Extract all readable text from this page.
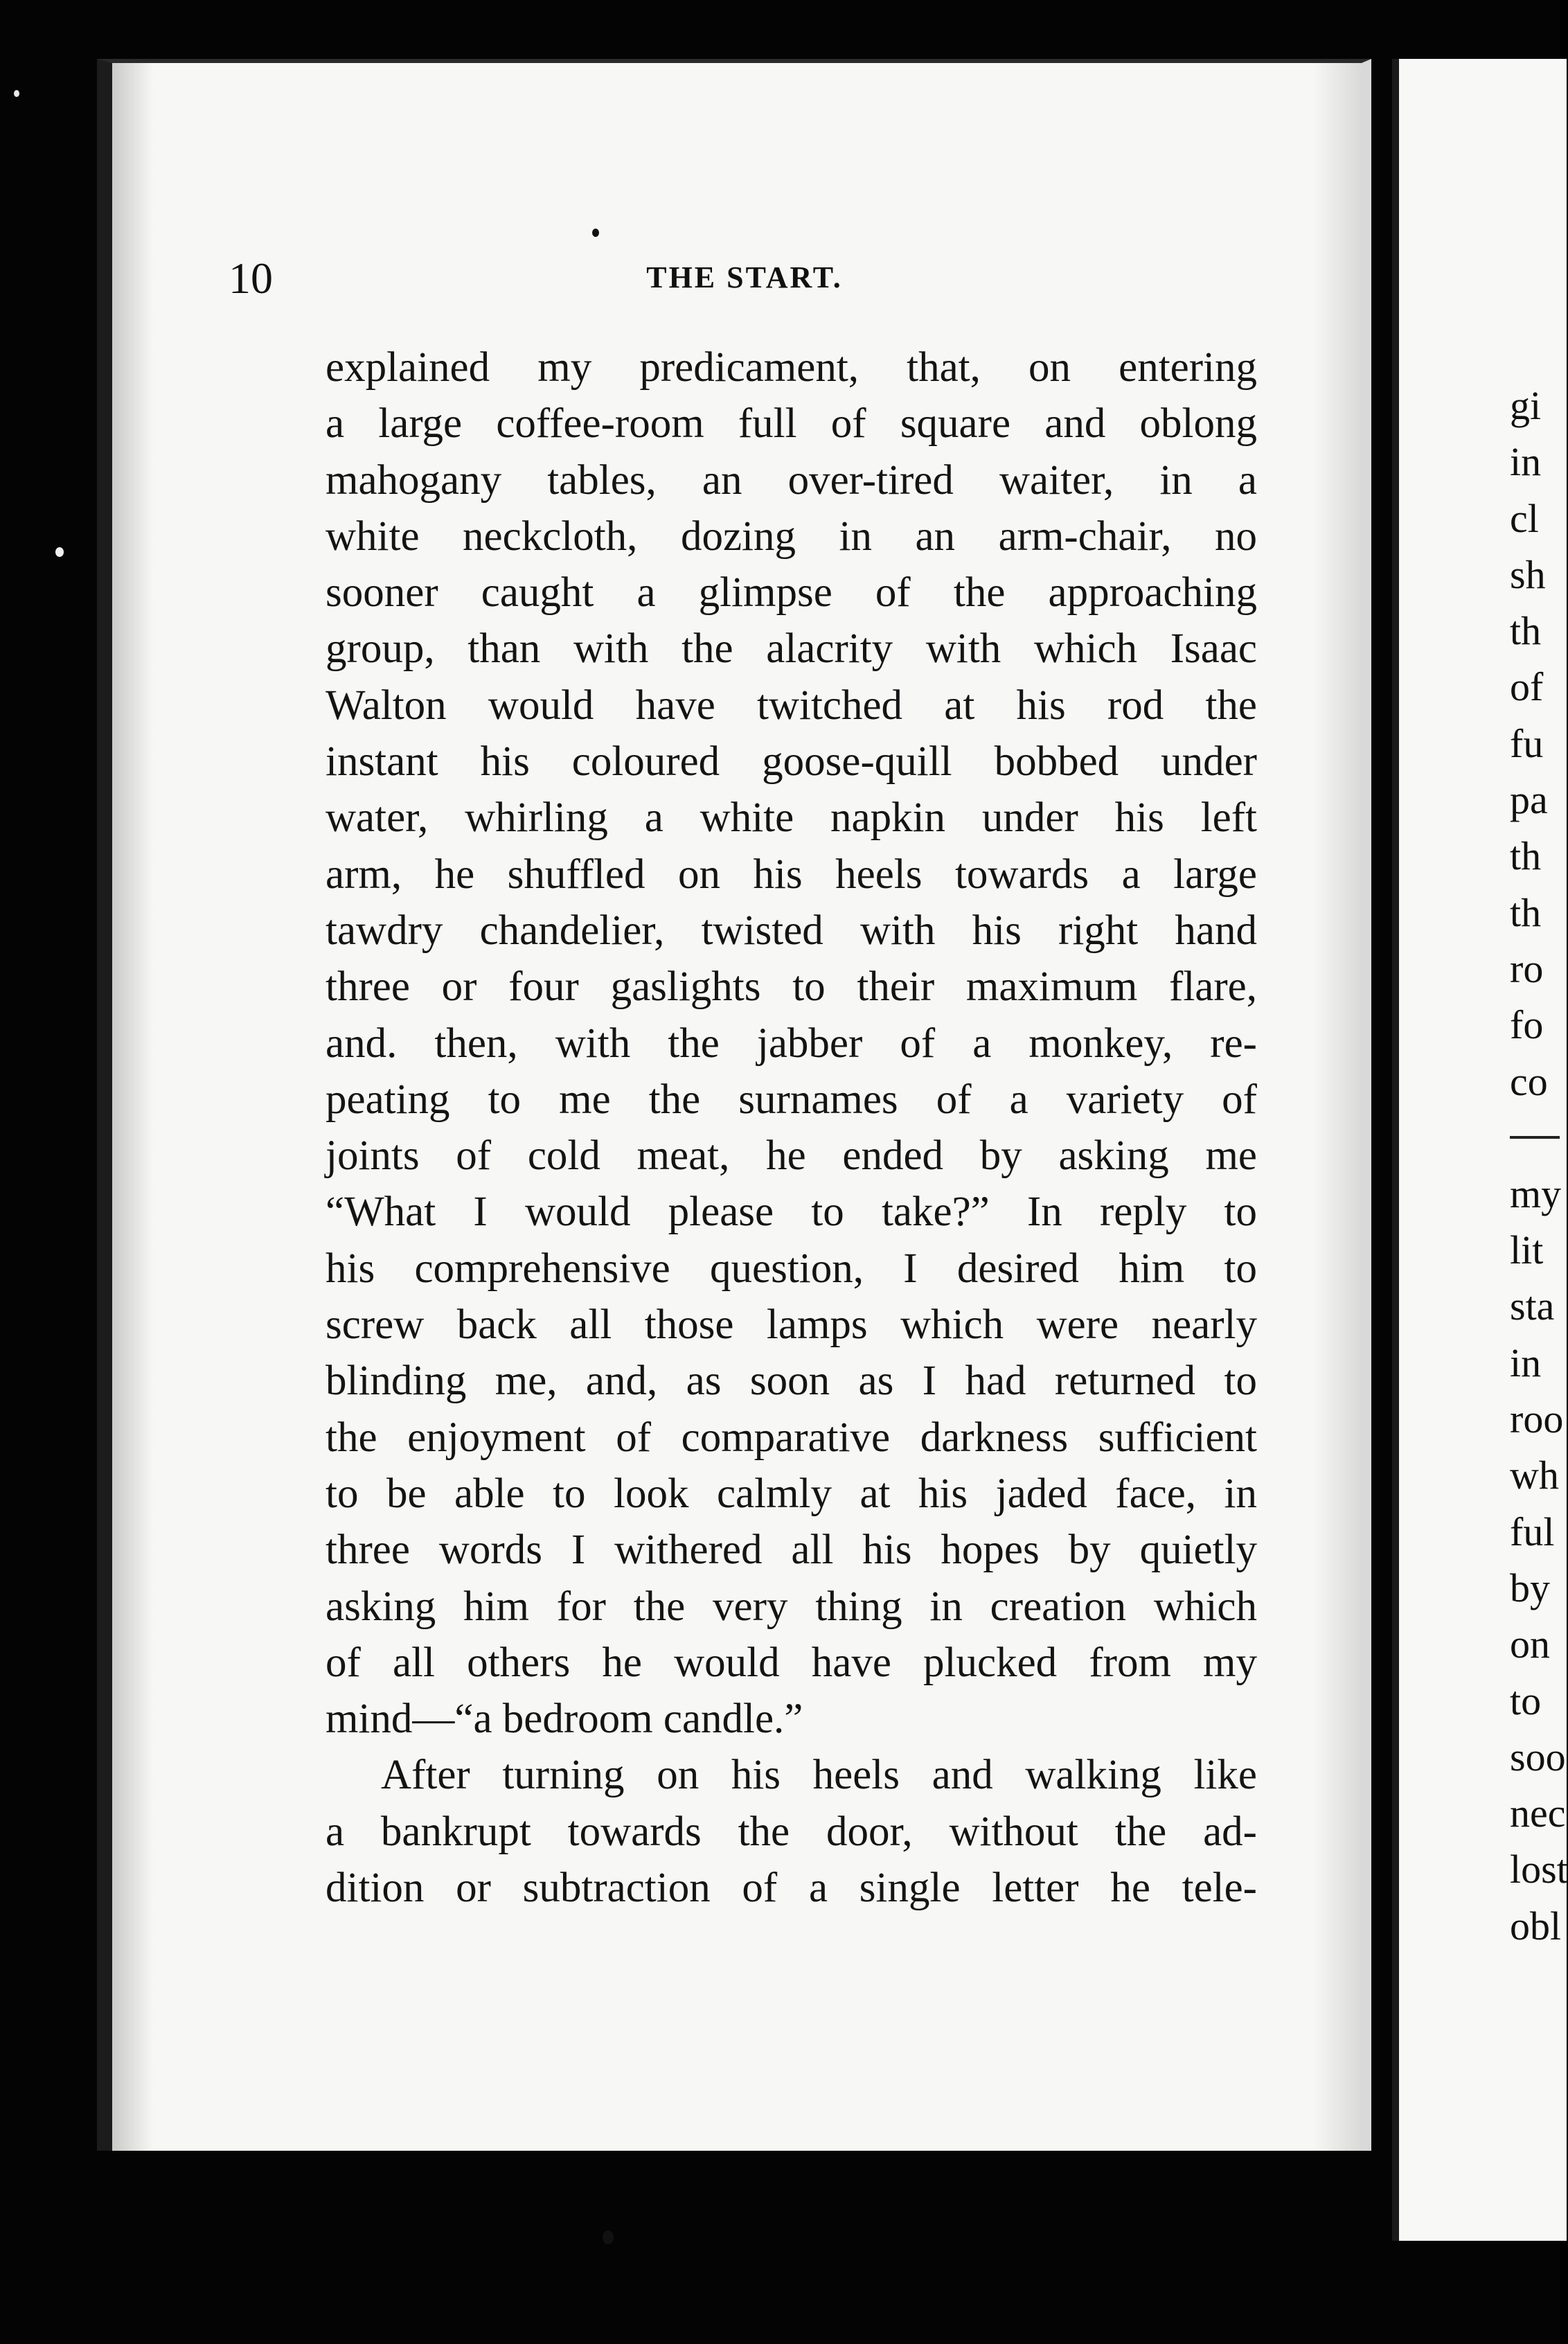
10	THE START.
explained my predicament, that, on entering
a large coffee-room full of square and oblong
mahogany tables, an over-tired waiter, in a
white neckcloth, dozing in an arm-chair, no
sooner caught a glimpse of the approaching
group, than with the alacrity with which Isaac
Walton would have twitched at his rod the
instant his coloured goose-quill bobbed under
water, whirling a white napkin under his left
arm, he shuffled on his heels towards a large
tawdry chandelier, twisted with his right hand
three or four gaslights to their maximum flare,
and. then, with the jabber of a monkey, re-
peating to me the surnames of a variety of
joints of cold meat, he ended by asking me
“What I would please to take?” In reply to
his comprehensive question, I desired him to
screw back all those lamps which were nearly
blinding me, and, as soon as I had returned to
the enjoyment of comparative darkness sufficient
to be able to look calmly at his jaded face, in
three words I withered all his hopes by quietly
asking him for the very thing in creation which
of all others he would have plucked from my
mind—“a bedroom candle.”
After turning on his heels and walking like
a bankrupt towards the door, without the ad-
dition or subtraction of a single letter he tele-
gi
in
cl
sh
th
of
fu
pa
th
th
ro
fo
co
my
lit
sta
in
roo
wh
ful
by
on
to
soo
nec
lost
obl
